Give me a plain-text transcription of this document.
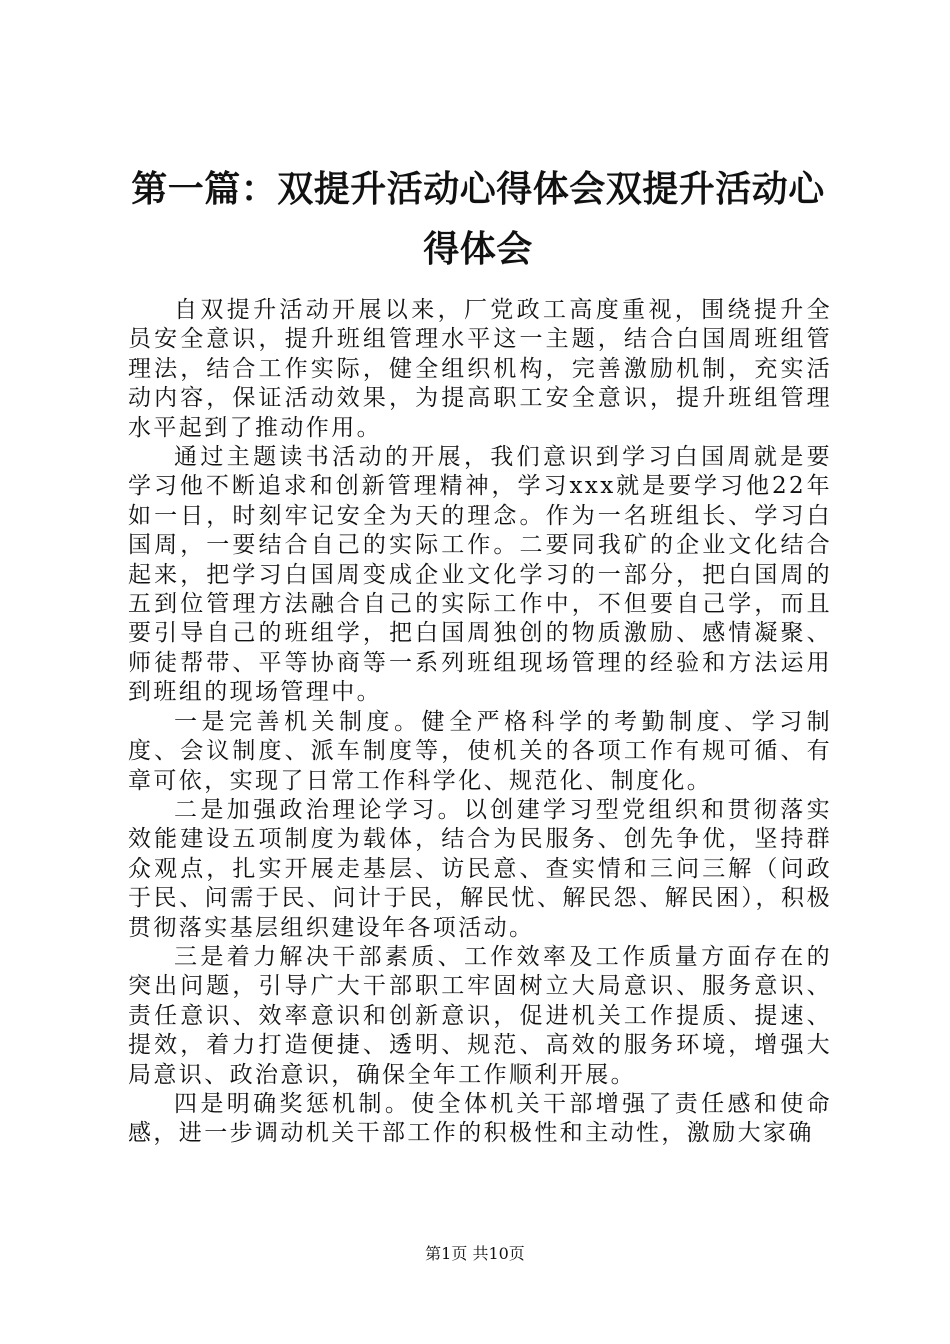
第一篇：双提升活动心得体会双提升活动心得体会

自双提升活动开展以来，厂党政工高度重视，围绕提升全员安全意识，提升班组管理水平这一主题，结合白国周班组管理法，结合工作实际，健全组织机构，完善激励机制，充实活动内容，保证活动效果，为提高职工安全意识，提升班组管理水平起到了推动作用。

通过主题读书活动的开展，我们意识到学习白国周就是要学习他不断追求和创新管理精神，学习xxx就是要学习他22年如一日，时刻牢记安全为天的理念。作为一名班组长、学习白国周，一要结合自己的实际工作。二要同我矿的企业文化结合起来，把学习白国周变成企业文化学习的一部分，把白国周的五到位管理方法融合自己的实际工作中，不但要自己学，而且要引导自己的班组学，把白国周独创的物质激励、感情凝聚、师徒帮带、平等协商等一系列班组现场管理的经验和方法运用到班组的现场管理中。

一是完善机关制度。健全严格科学的考勤制度、学习制度、会议制度、派车制度等，使机关的各项工作有规可循、有章可依，实现了日常工作科学化、规范化、制度化。

二是加强政治理论学习。以创建学习型党组织和贯彻落实效能建设五项制度为载体，结合为民服务、创先争优，坚持群众观点，扎实开展走基层、访民意、查实情和三问三解（问政于民、问需于民、问计于民，解民忧、解民怨、解民困），积极贯彻落实基层组织建设年各项活动。

三是着力解决干部素质、工作效率及工作质量方面存在的突出问题，引导广大干部职工牢固树立大局意识、服务意识、责任意识、效率意识和创新意识，促进机关工作提质、提速、提效，着力打造便捷、透明、规范、高效的服务环境，增强大局意识、政治意识，确保全年工作顺利开展。

四是明确奖惩机制。使全体机关干部增强了责任感和使命感，进一步调动机关干部工作的积极性和主动性，激励大家确

第1页 共10页
